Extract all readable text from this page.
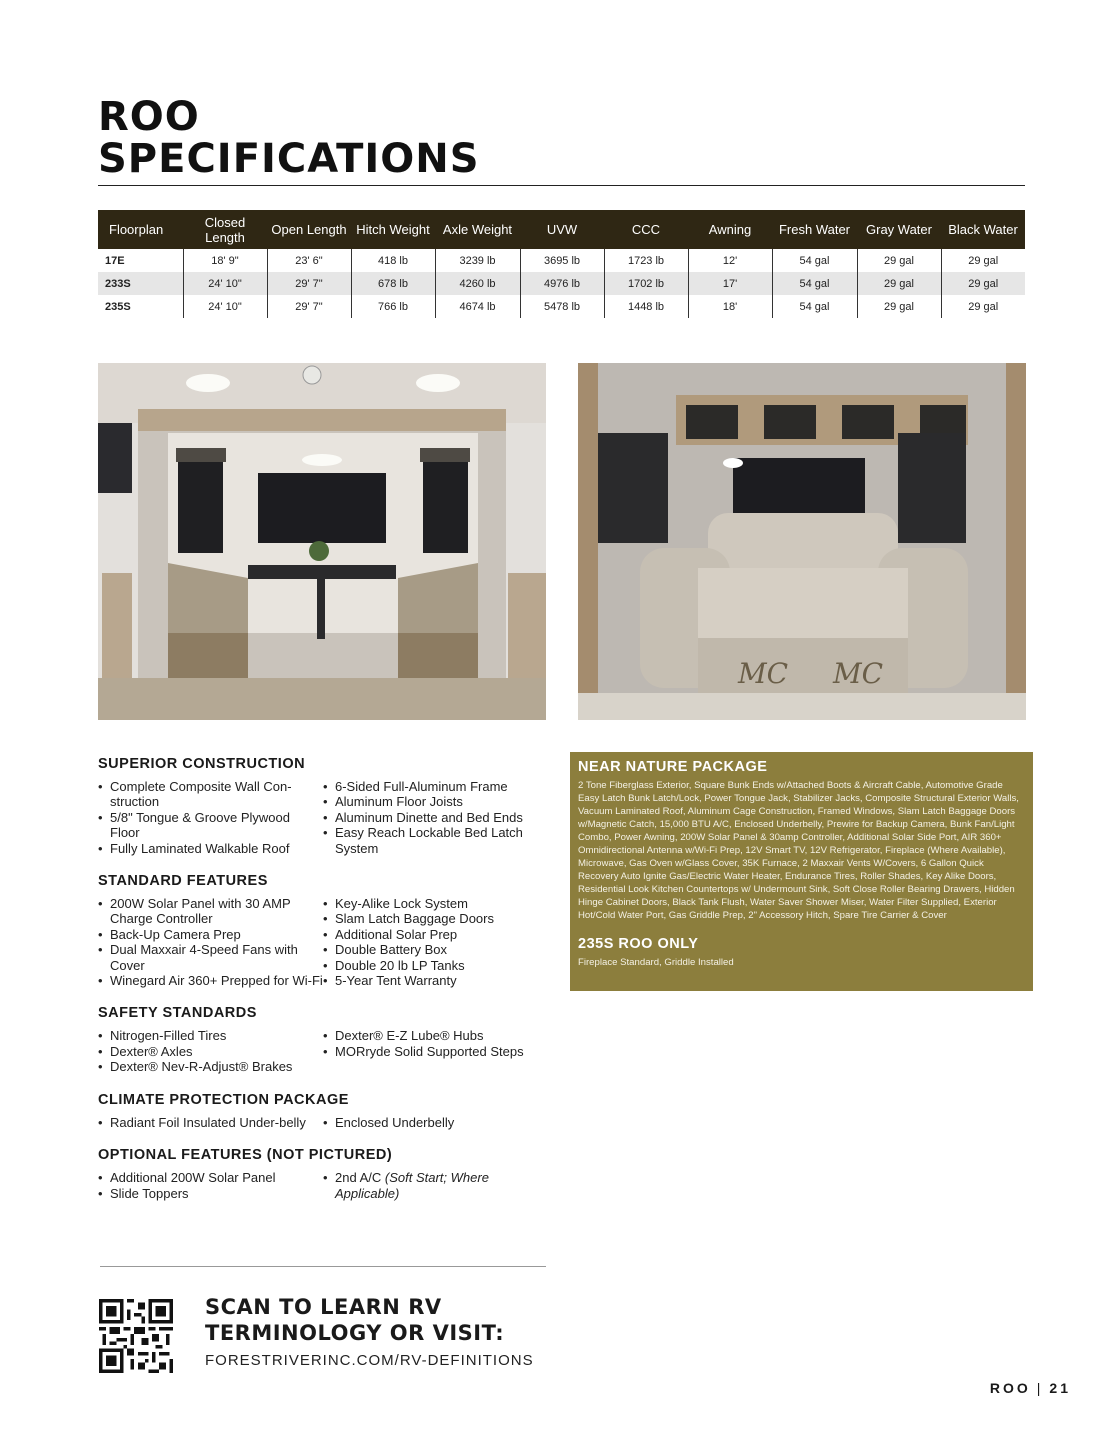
ROO
SPECIFICATIONS
Floorplan	Closed Length	Open Length	Hitch Weight	Axle Weight	UVW	CCC	Awning	Fresh Water	Gray Water	Black Water
17E	18' 9"	23' 6"	418 lb	3239 lb	3695 lb	1723 lb	12'	54 gal	29 gal	29 gal
233S	24' 10"	29' 7"	678 lb	4260 lb	4976 lb	1702 lb	17'	54 gal	29 gal	29 gal
235S	24' 10"	29' 7"	766 lb	4674 lb	5478 lb	1448 lb	18'	54 gal	29 gal	29 gal
MC MC
SUPERIOR CONSTRUCTION
• Complete Composite Wall Con-struction
• 5/8" Tongue & Groove Plywood Floor
• Fully Laminated Walkable Roof
• 6-Sided Full-Aluminum Frame
• Aluminum Floor Joists
• Aluminum Dinette and Bed Ends
• Easy Reach Lockable Bed Latch System
STANDARD FEATURES
• 200W Solar Panel with 30 AMP Charge Controller
• Back-Up Camera Prep
• Dual Maxxair 4-Speed Fans with Cover
• Winegard Air 360+ Prepped for Wi-Fi
• Key-Alike Lock System
• Slam Latch Baggage Doors
• Additional Solar Prep
• Double Battery Box
• Double 20 lb LP Tanks
• 5-Year Tent Warranty
SAFETY STANDARDS
• Nitrogen-Filled Tires
• Dexter® Axles
• Dexter® Nev-R-Adjust® Brakes
• Dexter® E-Z Lube® Hubs
• MORryde Solid Supported Steps
CLIMATE PROTECTION PACKAGE
• Radiant Foil Insulated Under-belly	• Enclosed Underbelly
OPTIONAL FEATURES (NOT PICTURED)
• Additional 200W Solar Panel
• Slide Toppers
• 2nd A/C (Soft Start; Where Applicable)
NEAR NATURE PACKAGE
2 Tone Fiberglass Exterior, Square Bunk Ends w/Attached Boots & Aircraft Cable, Automotive Grade Easy Latch Bunk Latch/Lock, Power Tongue Jack, Stabilizer Jacks, Composite Structural Exterior Walls, Vacuum Laminated Roof, Aluminum Cage Construction, Framed Windows, Slam Latch Baggage Doors w/Magnetic Catch, 15,000 BTU A/C, Enclosed Underbelly, Prewire for Backup Camera, Bunk Fan/Light Combo, Power Awning, 200W Solar Panel & 30amp Controller, Additional Solar Side Port, AIR 360+ Omnidirectional Antenna w/Wi-Fi Prep, 12V Smart TV, 12V Refrigerator, Fireplace (Where Available), Microwave, Gas Oven w/Glass Cover, 35K Furnace, 2 Maxxair Vents W/Covers, 6 Gallon Quick Recovery Auto Ignite Gas/Electric Water Heater, Endurance Tires, Roller Shades, Key Alike Doors, Residential Look Kitchen Countertops w/ Undermount Sink, Soft Close Roller Bearing Drawers, Hidden Hinge Cabinet Doors, Black Tank Flush, Water Saver Shower Miser, Water Filter Supplied, Exterior Hot/Cold Water Port, Gas Griddle Prep, 2" Accessory Hitch, Spare Tire Carrier & Cover
235S ROO ONLY
Fireplace Standard, Griddle Installed
SCAN TO LEARN RV
TERMINOLOGY OR VISIT:
FORESTRIVERINC.COM/RV-DEFINITIONS
ROO | 21
